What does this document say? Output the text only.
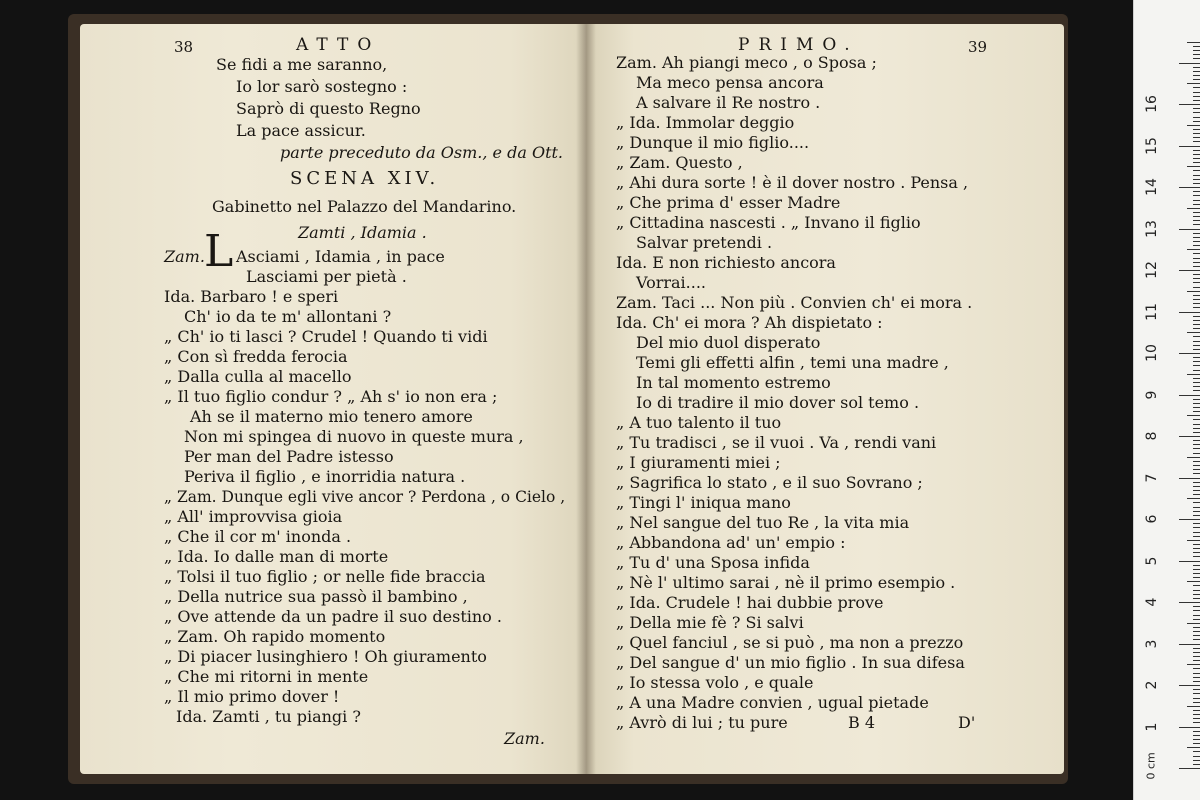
38	ATTO
Se fidi a me saranno,
Io lor sarò sostegno :
Saprò di questo Regno
La pace assicur.
parte preceduto da Osm., e da Ott.
SCENA XIV.
Gabinetto nel Palazzo del Mandarino.
Zamti , Idamia .
Zam. L Asciami , Idamia , in pace
Lasciami per pietà .
Ida. Barbaro ! e speri
Ch' io da te m' allontani ?
„ Ch' io ti lasci ? Crudel ! Quando ti vidi
„ Con sì fredda ferocia
„ Dalla culla al macello
„ Il tuo figlio condur ? „ Ah s' io non era ;
Ah se il materno mio tenero amore
Non mi spingea di nuovo in queste mura ,
Per man del Padre istesso
Periva il figlio , e inorridia natura .
„ Zam. Dunque egli vive ancor ? Perdona , o Cielo ,
„ All' improvvisa gioia
„ Che il cor m' inonda .
„ Ida. Io dalle man di morte
„ Tolsi il tuo figlio ; or nelle fide braccia
„ Della nutrice sua passò il bambino ,
„ Ove attende da un padre il suo destino .
„ Zam. Oh rapido momento
„ Di piacer lusinghiero ! Oh giuramento
„ Che mi ritorni in mente
„ Il mio primo dover !
Ida. Zamti , tu piangi ?
Zam.
PRIMO.	39
Zam. Ah piangi meco , o Sposa ;
Ma meco pensa ancora
A salvare il Re nostro .
„ Ida. Immolar deggio
„ Dunque il mio figlio....
„ Zam. Questo ,
„ Ahi dura sorte ! è il dover nostro . Pensa ,
„ Che prima d' esser Madre
„ Cittadina nascesti . „ Invano il figlio
Salvar pretendi .
Ida. E non richiesto ancora
Vorrai....
Zam. Taci ... Non più . Convien ch' ei mora .
Ida. Ch' ei mora ? Ah dispietato :
Del mio duol disperato
Temi gli effetti alfin , temi una madre ,
In tal momento estremo
Io di tradire il mio dover sol temo .
„ A tuo talento il tuo
„ Tu tradisci , se il vuoi . Va , rendi vani
„ I giuramenti miei ;
„ Sagrifica lo stato , e il suo Sovrano ;
„ Tingi l' iniqua mano
„ Nel sangue del tuo Re , la vita mia
„ Abbandona ad' un' empio :
„ Tu d' una Sposa infida
„ Nè l' ultimo sarai , nè il primo esempio .
„ Ida. Crudele ! hai dubbie prove
„ Della mie fè ? Si salvi
„ Quel fanciul , se si può , ma non a prezzo
„ Del sangue d' un mio figlio . In sua difesa
„ Io stessa volo , e quale
„ A una Madre convien , ugual pietade
„ Avrò di lui ; tu pure	B 4	D'
0 cm
16
15
14
13
12
11
10
9
8
7
6
5
4
3
2
1
